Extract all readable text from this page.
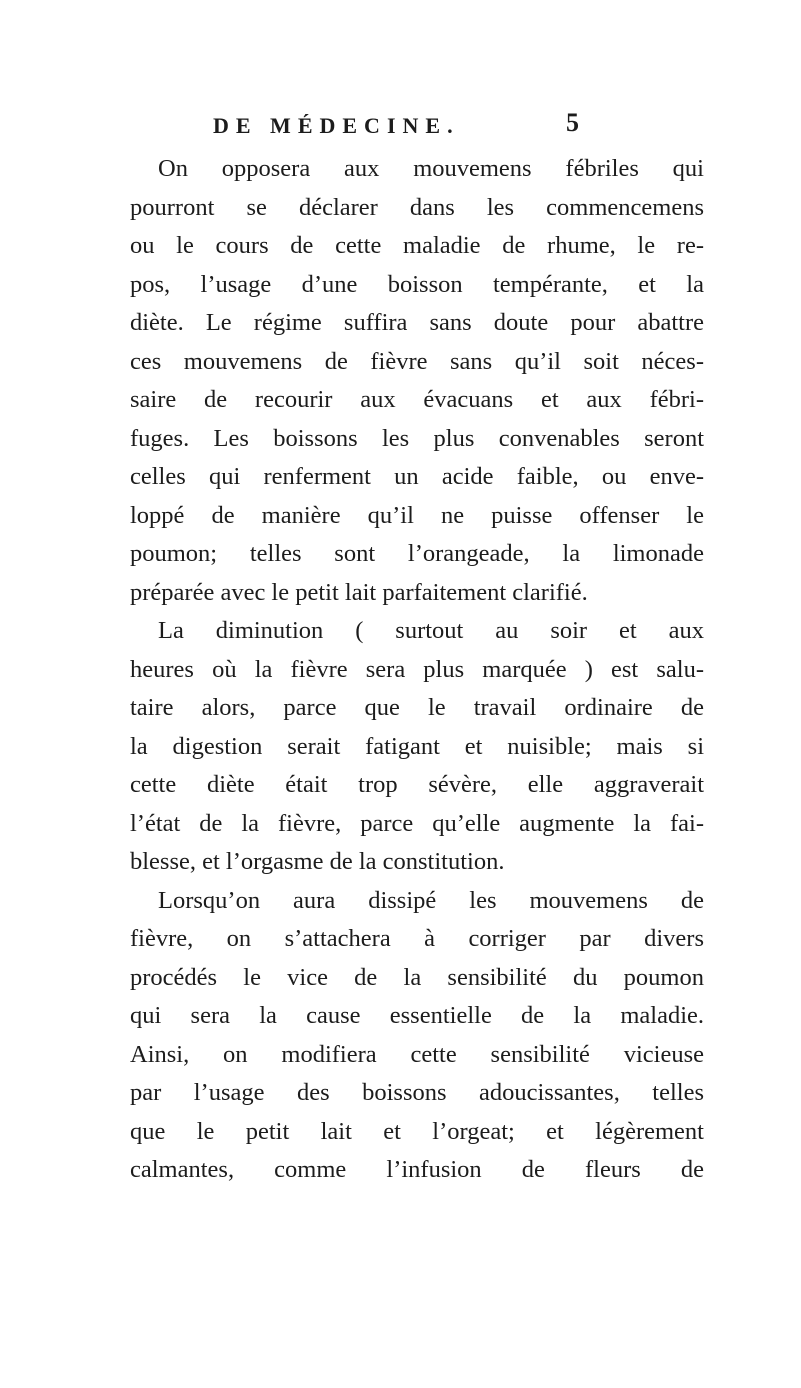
DE MÉDECINE.	5
On opposera aux mouvemens fébriles qui
pourront se déclarer dans les commencemens
ou le cours de cette maladie de rhume, le re-
pos, l’usage d’une boisson tempérante, et la
diète. Le régime suffira sans doute pour abattre
ces mouvemens de fièvre sans qu’il soit néces-
saire de recourir aux évacuans et aux fébri-
fuges. Les boissons les plus convenables seront
celles qui renferment un acide faible, ou enve-
loppé de manière qu’il ne puisse offenser le
poumon; telles sont l’orangeade, la limonade
préparée avec le petit lait parfaitement clarifié.
La diminution ( surtout au soir et aux
heures où la fièvre sera plus marquée ) est salu-
taire alors, parce que le travail ordinaire de
la digestion serait fatigant et nuisible; mais si
cette diète était trop sévère, elle aggraverait
l’état de la fièvre, parce qu’elle augmente la fai-
blesse, et l’orgasme de la constitution.
Lorsqu’on aura dissipé les mouvemens de
fièvre, on s’attachera à corriger par divers
procédés le vice de la sensibilité du poumon
qui sera la cause essentielle de la maladie.
Ainsi, on modifiera cette sensibilité vicieuse
par l’usage des boissons adoucissantes, telles
que le petit lait et l’orgeat; et légèrement
calmantes, comme l’infusion de fleurs de
